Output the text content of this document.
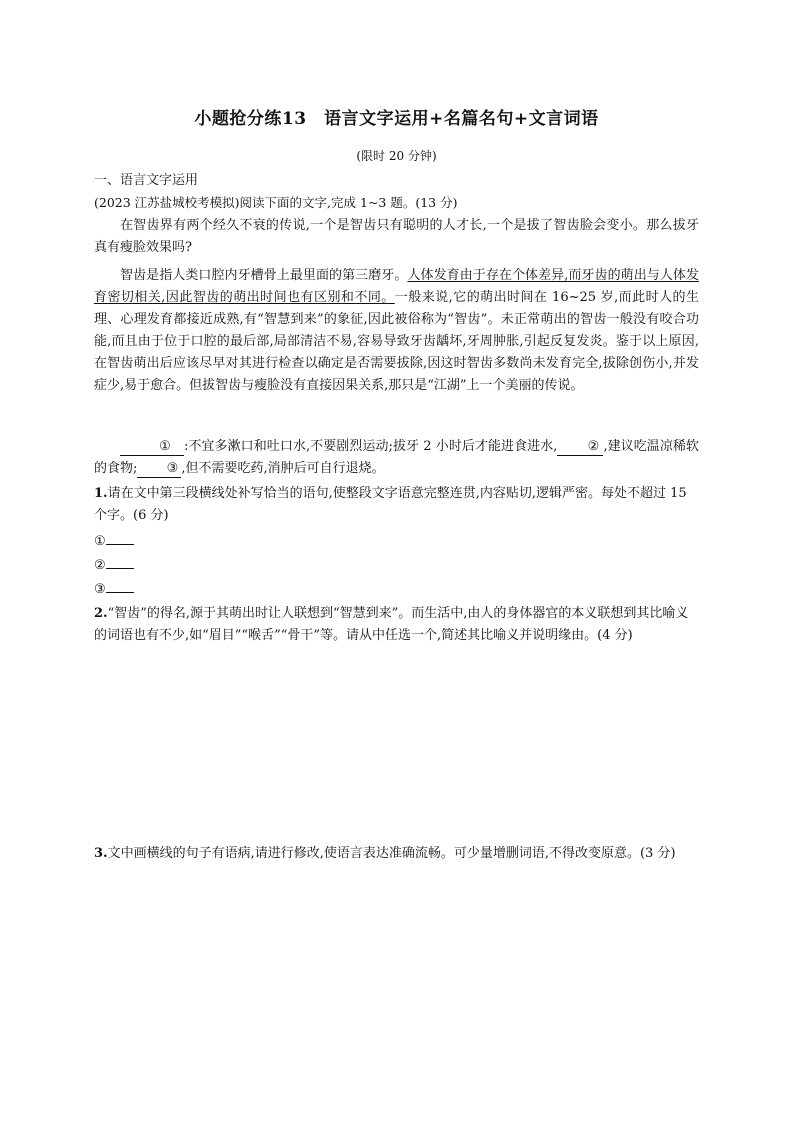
小题抢分练13　语言文字运用+名篇名句+文言词语
(限时 20 分钟)
一、语言文字运用
(2023 江苏盐城校考模拟)阅读下面的文字,完成 1~3 题。(13 分)

在智齿界有两个经久不衰的传说,一个是智齿只有聪明的人才长,一个是拔了智齿脸会变小。那么拔牙真有瘦脸效果吗?

智齿是指人类口腔内牙槽骨上最里面的第三磨牙。人体发育由于存在个体差异,而牙齿的萌出与人体发育密切相关,因此智齿的萌出时间也有区别和不同。一般来说,它的萌出时间在 16~25 岁,而此时人的生理、心理发育都接近成熟,有“智慧到来”的象征,因此被俗称为“智齿”。未正常萌出的智齿一般没有咬合功能,而且由于位于口腔的最后部,局部清洁不易,容易导致牙齿龋坏,牙周肿胀,引起反复发炎。鉴于以上原因,在智齿萌出后应该尽早对其进行检查以确定是否需要拔除,因这时智齿多数尚未发育完全,拔除创伤小,并发症少,易于愈合。但拔智齿与瘦脸没有直接因果关系,那只是“江湖”上一个美丽的传说。

① :不宜多漱口和吐口水,不要剧烈运动;拔牙 2 小时后才能进食进水, ② ,建议吃温凉稀软的食物; ③ ,但不需要吃药,消肿后可自行退烧。

1.请在文中第三段横线处补写恰当的语句,使整段文字语意完整连贯,内容贴切,逻辑严密。每处不超过 15 个字。(6 分)
①
②
③
2.“智齿”的得名,源于其萌出时让人联想到“智慧到来”。而生活中,由人的身体器官的本义联想到其比喻义的词语也有不少,如“眉目”“喉舌”“骨干”等。请从中任选一个,简述其比喻义并说明缘由。(4 分)
3.文中画横线的句子有语病,请进行修改,使语言表达准确流畅。可少量增删词语,不得改变原意。(3 分)
